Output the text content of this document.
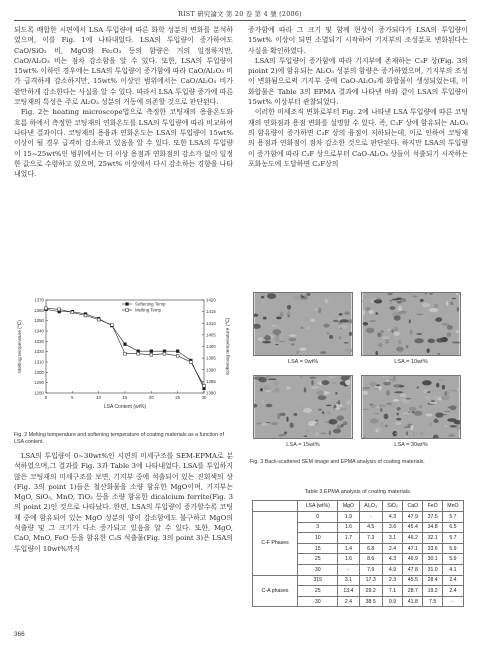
RIST 硏究論文 第 20 卷 第 4 號 (2006)

되도록 배합한 시편에서 LSA 투입량에 따른 화학 성분의 변화를 분석하였으며, 이를 Fig. 1에 나타내었다. LSA의 투입량이 증가하여도 CaO/SiO₂ 비, MgO와 Fe₂O₃ 등의 함량은 거의 일정하지만, CaO/Al₂O₃ 비는 점차 감소함을 알 수 있다. 또한, LSA의 투입량이 15wt% 이하인 경우에는 LSA의 투입량이 증가함에 따라 CaO/Al₂O₃ 비가 급격하게 감소하지만, 15wt% 이상인 범위에서는 CaO/Al₂O₃ 비가 완만하게 감소한다는 사실을 알 수 있다. 따라서 LSA 투입량 증가에 따른 코팅재의 특성은 주로 Al₂O₃ 성분의 거동에 의존할 것으로 판단된다.

Fig. 2는 heating microscope법으로 측정한 코팅재의 용융온도와 흐름 하에서 측정한 코팅재의 연화온도를 LSA의 투입량에 따라 비교하여 나타낸 결과이다. 코팅재의 용융과 연화온도는 LSA의 투입량이 15wt% 이상이 될 경우 급격히 감소하고 있음을 알 수 있다. 또한 LSA의 투입량이 15~25wt%인 범위에서는 더 이상 용점과 연화점의 감소가 없이 일정한 값으로 수렴하고 있으며, 25wt% 이상에서 다시 감소하는 경향을 나타내었다.

0	5	10	15	20	25	30
1280
1290
1300
1310
1320
1330
1340
1350
1360
1370
1380
1385
1390
1395
1400
1405
1410
1415
1420
LSA Content (wt%)
Melting temperature (℃)	Softening temperature (℃)
Softening Temp
Melting Temp
Fig. 2 Melting temperature and softening temperature of coating materials as a function of LSA content.

LSA의 투입량이 0~30wt%인 시편의 미세구조를 SEM-EPMA로 분석하였으며,그 결과를 Fig. 3과 Table 3에 나타내었다. LSA를 투입하지 않은 코팅재의 미세구조를 보면, 기지부 중에 석출되어 있는 진회색의 상(Fig. 3의 point 1)들은 철산화물을 소량 함유한 MgO이며, 기지부는 MgO, SiO₂, MnO, TiO₂ 등을 소량 함유한 dicalcium ferrite(Fig. 3의 point 2)인 것으로 나타났다. 한편, LSA의 투입량이 증가할수록 코팅재 중에 함유되어 있는 MgO 성분의 양이 감소함에도 불구하고 MgO의 석출량 및 그 크기가 다소 증가되고 있음을 알 수 있다. 또한, MgO, CaO, MnO, FeO 등을 함유한 C₃S 석출물(Fig. 3의 point 3)은 LSA의 투입량이 10wt%까지

증가함에 따라 그 크기 및 함께 현상이 증가되다가 LSA의 투입량이 15wt% 이상이 되면 소멸되기 시작하여 기지부의 조성분포 변화된다는 사실을 확인하였다.

LSA의 투입량이 증가함에 따라 기지부에 존재하는 C₃F 상(Fig. 3의 pioint 2)에 함유되는 Al₂O₃ 성분의 함량은 증가하였으며, 기지부의 조성이 변화됨으로써 기지부 중에 CaO-Al₂O₃계 화합물이 생성되었는데, 이 화합물은 Table 3의 EPMA 결과에 나타낸 바와 같이 LSA의 투입량이 15wt% 이상부터 관찰되었다.

이러한 미세조직 변화로부터 Fig. 2에 나타낸 LSA 투입량에 따른 코팅재의 연화점과 용점 변화를 설명할 수 있다. 즉, C₃F 상에 함유되는 Al₂O₃의 함유량이 증가하면 C₃F 상의 융점이 저하되는데, 이로 인하여 코팅재의 용점과 연화점이 점차 감소한 것으로 판단된다. 하지만 LSA의 투입량이 증가함에 따라 C₃F 상으로부터 CaO-Al₂O₃ 상들이 석출되기 시작하는 포화농도에 도달하면 C₃F상의

LSA = 0wt%	LSA = 10wt%
LSA = 15wt%	LSA = 30wt%
Fig. 3 Back-scattered SEM image and EPMA analysis of coating materials.
Table 3 EPMA analysis of coating materials.
	LSA (wt%)	MgO	Al₂O₃	SiO₂	CaO	FeO	MnO
C-F Phases	0	1.9	-	4.3	47.9	37.5	5.7
	3	1.6	4.5	3.6	45.4	34.8	6.5
	10	1.7	7.3	3.1	46.2	32.1	5.7
	15	1.4	6.8	2.4	47.1	33.6	5.9
	25	1.6	8.6	4.3	46.9	30.1	5.9
	30	-	7.9	4.9	47.8	31.0	4.1
C-A phases	315	3.1	17.3	2.3	45.5	28.4	2.4
	25	13.4	29.2	7.1	28.7	19.2	2.4
	30	2.4	38.5	9.9	41.8	7.5	-
366
